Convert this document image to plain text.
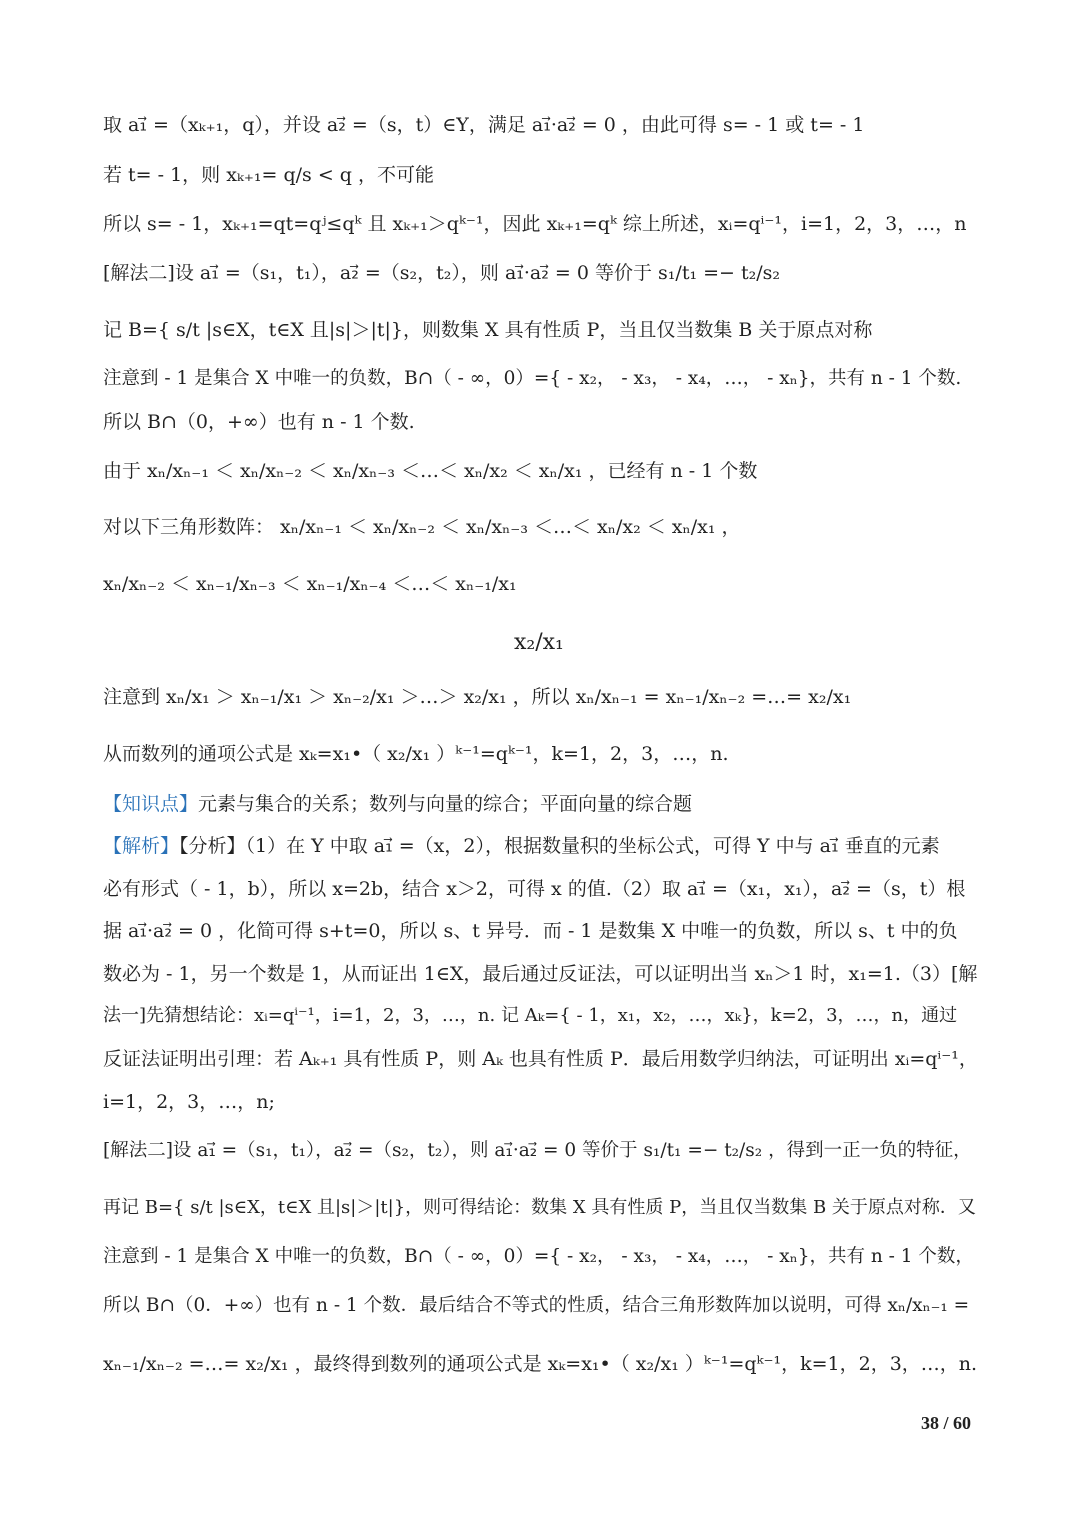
取 a₁⃗ =（xₖ₊₁，q），并设 a₂⃗ =（s，t）∈Y，满足 a₁⃗·a₂⃗ = 0 ，由此可得 s= - 1 或 t= - 1
若 t= - 1，则 xₖ₊₁= q/s < q ，不可能
所以 s= - 1，xₖ₊₁=qt=qʲ≤qᵏ 且 xₖ₊₁＞qᵏ⁻¹，因此 xₖ₊₁=qᵏ 综上所述，xᵢ=qⁱ⁻¹，i=1，2，3，…，n
[解法二]设 a₁⃗ =（s₁，t₁），a₂⃗ =（s₂，t₂），则 a₁⃗·a₂⃗ = 0 等价于 s₁/t₁ =− t₂/s₂
记 B={ s/t |s∈X，t∈X 且|s|＞|t|}，则数集 X 具有性质 P，当且仅当数集 B 关于原点对称
注意到 - 1 是集合 X 中唯一的负数，B∩（ - ∞，0）={ - x₂， - x₃， - x₄，…， - xₙ}，共有 n - 1 个数.
所以 B∩（0，+∞）也有 n - 1 个数.
由于 xₙ/xₙ₋₁ ＜ xₙ/xₙ₋₂ ＜ xₙ/xₙ₋₃ ＜…＜ xₙ/x₂ ＜ xₙ/x₁ ，已经有 n - 1 个数
对以下三角形数阵： xₙ/xₙ₋₁ ＜ xₙ/xₙ₋₂ ＜ xₙ/xₙ₋₃ ＜…＜ xₙ/x₂ ＜ xₙ/x₁ ，
xₙ/xₙ₋₂ ＜ xₙ₋₁/xₙ₋₃ ＜ xₙ₋₁/xₙ₋₄ ＜…＜ xₙ₋₁/x₁
x₂/x₁
注意到 xₙ/x₁ ＞ xₙ₋₁/x₁ ＞ xₙ₋₂/x₁ ＞…＞ x₂/x₁ ，所以 xₙ/xₙ₋₁ = xₙ₋₁/xₙ₋₂ =…= x₂/x₁
从而数列的通项公式是 xₖ=x₁•（ x₂/x₁ ）ᵏ⁻¹=qᵏ⁻¹，k=1，2，3，…，n.
【知识点】元素与集合的关系；数列与向量的综合；平面向量的综合题
【解析】【分析】（1）在 Y 中取 a₁⃗ =（x，2），根据数量积的坐标公式，可得 Y 中与 a₁⃗ 垂直的元素
必有形式（ - 1，b），所以 x=2b，结合 x＞2，可得 x 的值.（2）取 a₁⃗ =（x₁，x₁），a₂⃗ =（s，t）根
据 a₁⃗·a₂⃗ = 0 ，化简可得 s+t=0，所以 s、t 异号．而 - 1 是数集 X 中唯一的负数，所以 s、t 中的负
数必为 - 1，另一个数是 1，从而证出 1∈X，最后通过反证法，可以证明出当 xₙ＞1 时，x₁=1.（3）[解
法一]先猜想结论：xᵢ=qⁱ⁻¹，i=1，2，3，…，n. 记 Aₖ={ - 1，x₁，x₂，…，xₖ}，k=2，3，…，n，通过
反证法证明出引理：若 Aₖ₊₁ 具有性质 P，则 Aₖ 也具有性质 P．最后用数学归纳法，可证明出 xᵢ=qⁱ⁻¹，
i=1，2，3，…，n;
[解法二]设 a₁⃗ =（s₁，t₁），a₂⃗ =（s₂，t₂），则 a₁⃗·a₂⃗ = 0 等价于 s₁/t₁ =− t₂/s₂ ，得到一正一负的特征，
再记 B={ s/t |s∈X，t∈X 且|s|＞|t|}，则可得结论：数集 X 具有性质 P，当且仅当数集 B 关于原点对称．又
注意到 - 1 是集合 X 中唯一的负数，B∩（ - ∞，0）={ - x₂， - x₃， - x₄，…， - xₙ}，共有 n - 1 个数，
所以 B∩（0．+∞）也有 n - 1 个数．最后结合不等式的性质，结合三角形数阵加以说明，可得 xₙ/xₙ₋₁ =
xₙ₋₁/xₙ₋₂ =…= x₂/x₁ ，最终得到数列的通项公式是 xₖ=x₁•（ x₂/x₁ ）ᵏ⁻¹=qᵏ⁻¹，k=1，2，3，…，n.
38 / 60
